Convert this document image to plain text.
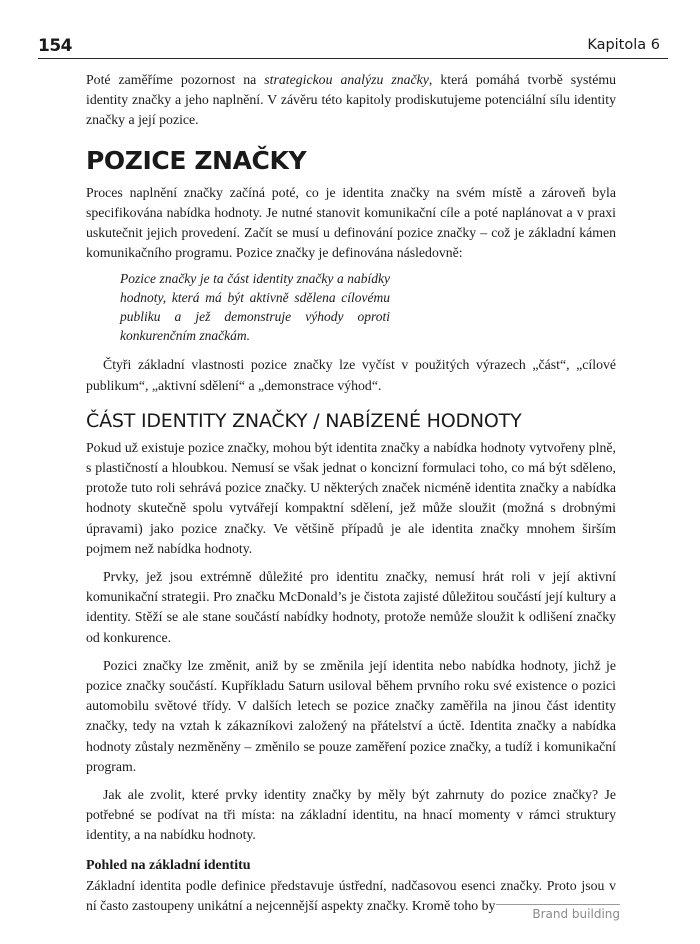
154	Kapitola 6

Poté zaměříme pozornost na strategickou analýzu značky, která pomáhá tvorbě systému identity značky a jeho naplnění. V závěru této kapitoly prodiskutujeme potenciální sílu identity značky a její pozice.

POZICE ZNAČKY

Proces naplnění značky začíná poté, co je identita značky na svém místě a zároveň byla specifikována nabídka hodnoty. Je nutné stanovit komunikační cíle a poté naplánovat a v praxi uskutečnit jejich provedení. Začít se musí u definování pozice značky – což je základní kámen komunikačního programu. Pozice značky je definována následovně:

Pozice značky je ta část identity značky a nabídky hodnoty, která má být aktivně sdělena cílovému publiku a jež demonstruje výhody oproti konkurenčním značkám.

Čtyři základní vlastnosti pozice značky lze vyčíst v použitých výrazech „část“, „cílové publikum“, „aktivní sdělení“ a „demonstrace výhod“.

ČÁST IDENTITY ZNAČKY / NABÍZENÉ HODNOTY

Pokud už existuje pozice značky, mohou být identita značky a nabídka hodnoty vytvořeny plně, s plastičností a hloubkou. Nemusí se však jednat o koncizní formulaci toho, co má být sděleno, protože tuto roli sehrává pozice značky. U některých značek nicméně identita značky a nabídka hodnoty skutečně spolu vytvářejí kompaktní sdělení, jež může sloužit (možná s drobnými úpravami) jako pozice značky. Ve většině případů je ale identita značky mnohem širším pojmem než nabídka hodnoty.

Prvky, jež jsou extrémně důležité pro identitu značky, nemusí hrát roli v její aktivní komunikační strategii. Pro značku McDonald’s je čistota zajisté důležitou součástí její kultury a identity. Stěží se ale stane součástí nabídky hodnoty, protože nemůže sloužit k odlišení značky od konkurence.

Pozici značky lze změnit, aniž by se změnila její identita nebo nabídka hodnoty, jichž je pozice značky součástí. Kupříkladu Saturn usiloval během prvního roku své existence o pozici automobilu světové třídy. V dalších letech se pozice značky zaměřila na jinou část identity značky, tedy na vztah k zákazníkovi založený na přátelství a úctě. Identita značky a nabídka hodnoty zůstaly nezměněny – změnilo se pouze zaměření pozice značky, a tudíž i komunikační program.

Jak ale zvolit, které prvky identity značky by měly být zahrnuty do pozice značky? Je potřebné se podívat na tři místa: na základní identitu, na hnací momenty v rámci struktury identity, a na nabídku hodnoty.

Pohled na základní identitu

Základní identita podle definice představuje ústřední, nadčasovou esenci značky. Proto jsou v ní často zastoupeny unikátní a nejcennější aspekty značky. Kromě toho by

Brand building
